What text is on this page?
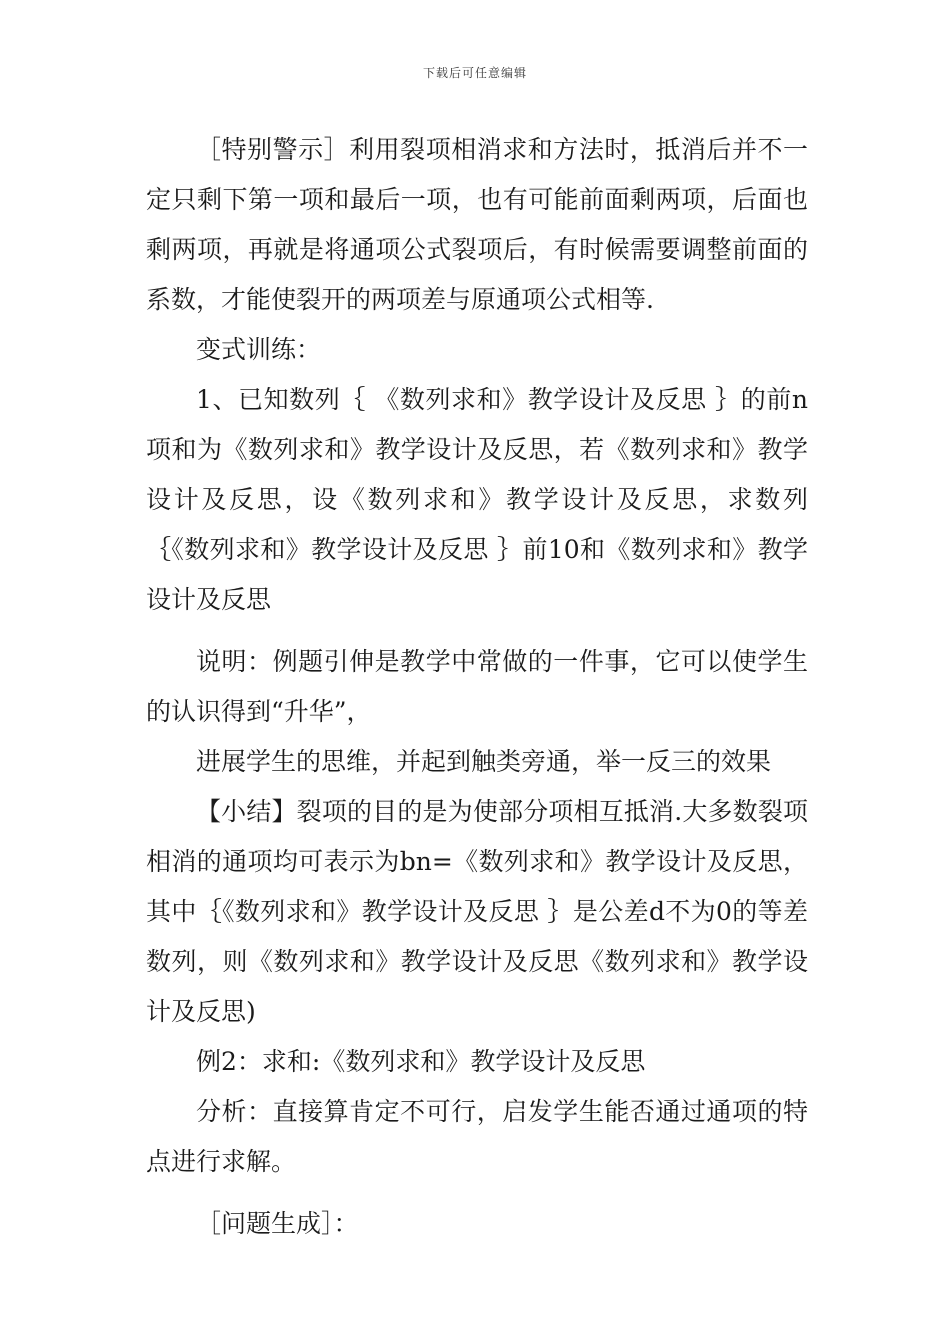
下载后可任意编辑

［特别警示］利用裂项相消求和方法时，抵消后并不一定只剩下第一项和最后一项，也有可能前面剩两项，后面也剩两项，再就是将通项公式裂项后，有时候需要调整前面的系数，才能使裂开的两项差与原通项公式相等.

变式训练：

1、已知数列｛ 《数列求和》教学设计及反思 ｝的前n项和为《数列求和》教学设计及反思，若《数列求和》教学设计及反思，设《数列求和》教学设计及反思，求数列｛《数列求和》教学设计及反思 ｝前10和《数列求和》教学设计及反思

说明：例题引伸是教学中常做的一件事，它可以使学生的认识得到“升华”，

进展学生的思维，并起到触类旁通，举一反三的效果

【小结】裂项的目的是为使部分项相互抵消.大多数裂项相消的通项均可表示为bn=《数列求和》教学设计及反思，其中｛《数列求和》教学设计及反思 ｝是公差d不为0的等差数列，则《数列求和》教学设计及反思《数列求和》教学设计及反思)

例2：求和:《数列求和》教学设计及反思

分析：直接算肯定不可行，启发学生能否通过通项的特点进行求解。

［问题生成］：
